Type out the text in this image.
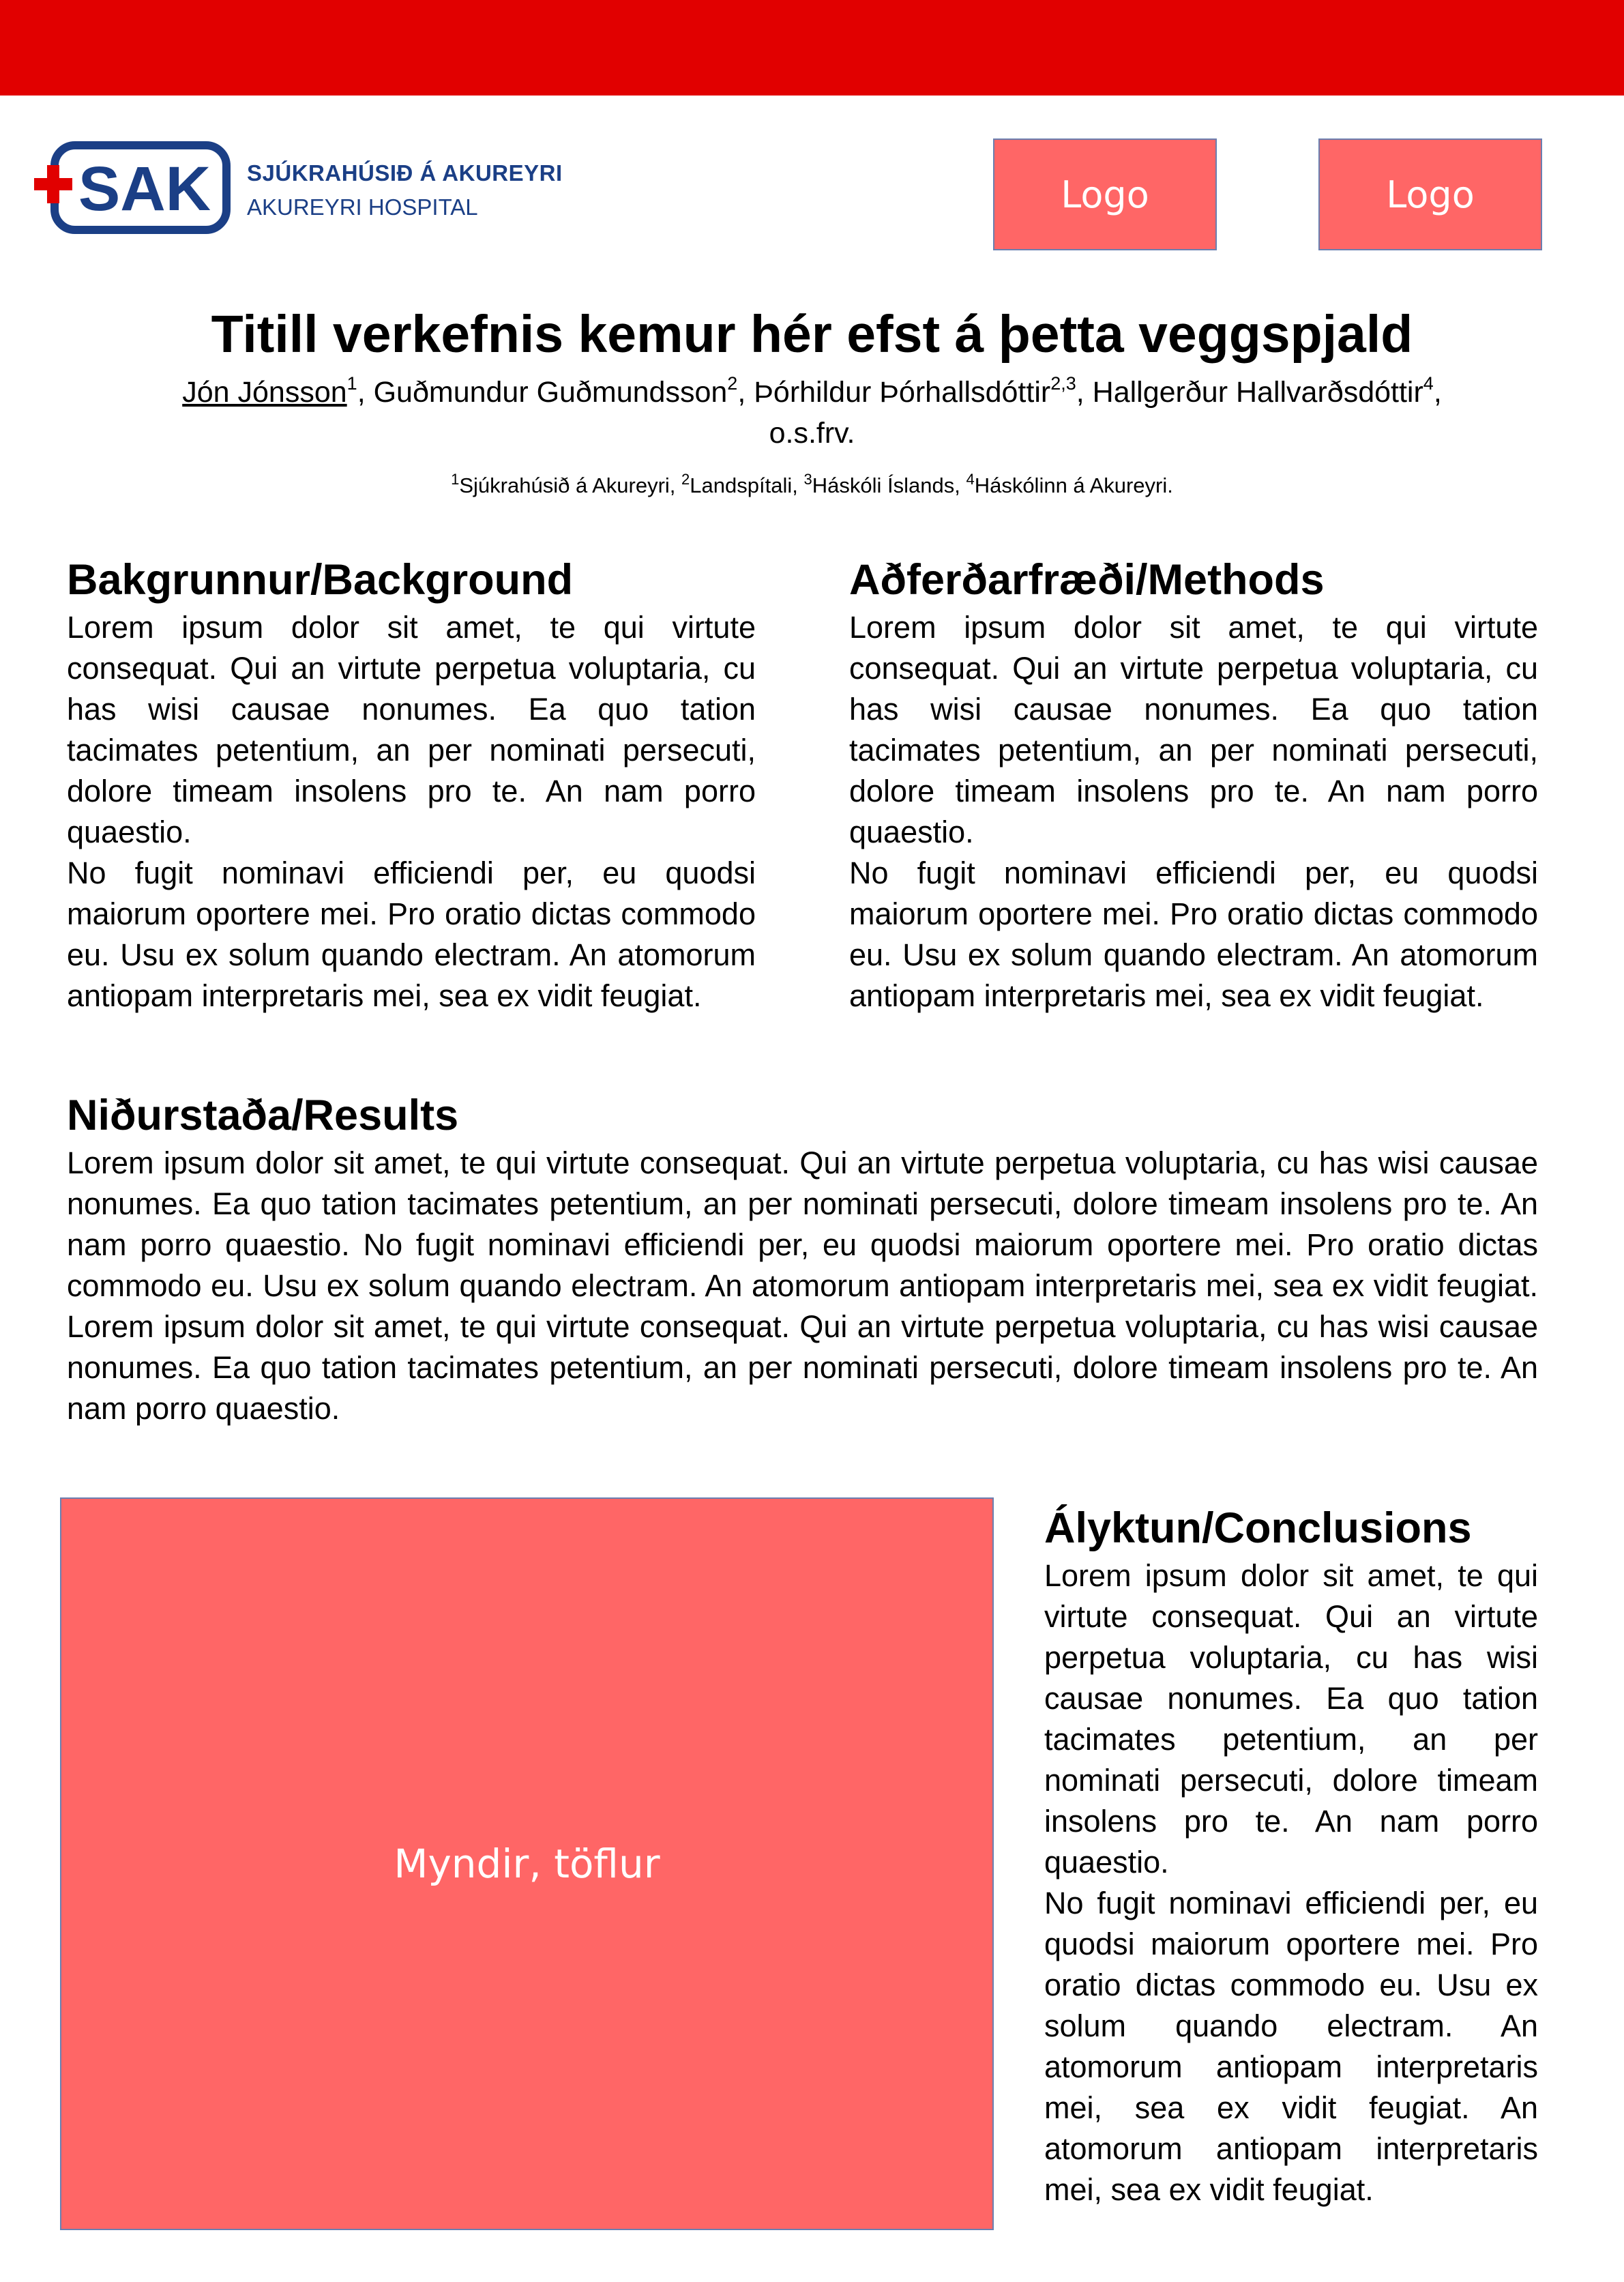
SAK SJÚKRAHÚSIÐ Á AKUREYRI
AKUREYRI HOSPITAL	Logo	Logo
Titill verkefnis kemur hér efst á þetta veggspjald
Jón Jónsson$^1$, Guðmundur Guðmundsson$^2$, Þórhildur Þórhallsdóttir$^{2,3}$, Hallgerður Hallvarðsdóttir$^4$,
o.s.frv.
$^1$Sjúkrahúsið á Akureyri, $^2$Landspítali, $^3$Háskóli Íslands, $^4$Háskólinn á Akureyri.
Bakgrunnur/Background

Lorem ipsum dolor sit amet, te qui virtute consequat. Qui an virtute perpetua voluptaria, cu has wisi causae nonumes. Ea quo tation tacimates petentium, an per nominati persecuti, dolore timeam insolens pro te. An nam porro quaestio.

No fugit nominavi efficiendi per, eu quodsi maiorum oportere mei. Pro oratio dictas commodo eu. Usu ex solum quando electram. An atomorum antiopam interpretaris mei, sea ex vidit feugiat.

Aðferðarfræði/Methods

Lorem ipsum dolor sit amet, te qui virtute consequat. Qui an virtute perpetua voluptaria, cu has wisi causae nonumes. Ea quo tation tacimates petentium, an per nominati persecuti, dolore timeam insolens pro te. An nam porro quaestio.

No fugit nominavi efficiendi per, eu quodsi maiorum oportere mei. Pro oratio dictas commodo eu. Usu ex solum quando electram. An atomorum antiopam interpretaris mei, sea ex vidit feugiat.

Niðurstaða/Results

Lorem ipsum dolor sit amet, te qui virtute consequat. Qui an virtute perpetua voluptaria, cu has wisi causae nonumes. Ea quo tation tacimates petentium, an per nominati persecuti, dolore timeam insolens pro te. An nam porro quaestio. No fugit nominavi efficiendi per, eu quodsi maiorum oportere mei. Pro oratio dictas commodo eu. Usu ex solum quando electram. An atomorum antiopam interpretaris mei, sea ex vidit feugiat. Lorem ipsum dolor sit amet, te qui virtute consequat. Qui an virtute perpetua voluptaria, cu has wisi causae nonumes. Ea quo tation tacimates petentium, an per nominati persecuti, dolore timeam insolens pro te. An nam porro quaestio.

Myndir, töflur
Ályktun/Conclusions

Lorem ipsum dolor sit amet, te qui virtute consequat. Qui an virtute perpetua voluptaria, cu has wisi causae nonumes. Ea quo tation tacimates petentium, an per nominati persecuti, dolore timeam insolens pro te. An nam porro quaestio.

No fugit nominavi efficiendi per, eu quodsi maiorum oportere mei. Pro oratio dictas commodo eu. Usu ex solum quando electram. An atomorum antiopam interpretaris mei, sea ex vidit feugiat. An atomorum antiopam interpretaris mei, sea ex vidit feugiat.
